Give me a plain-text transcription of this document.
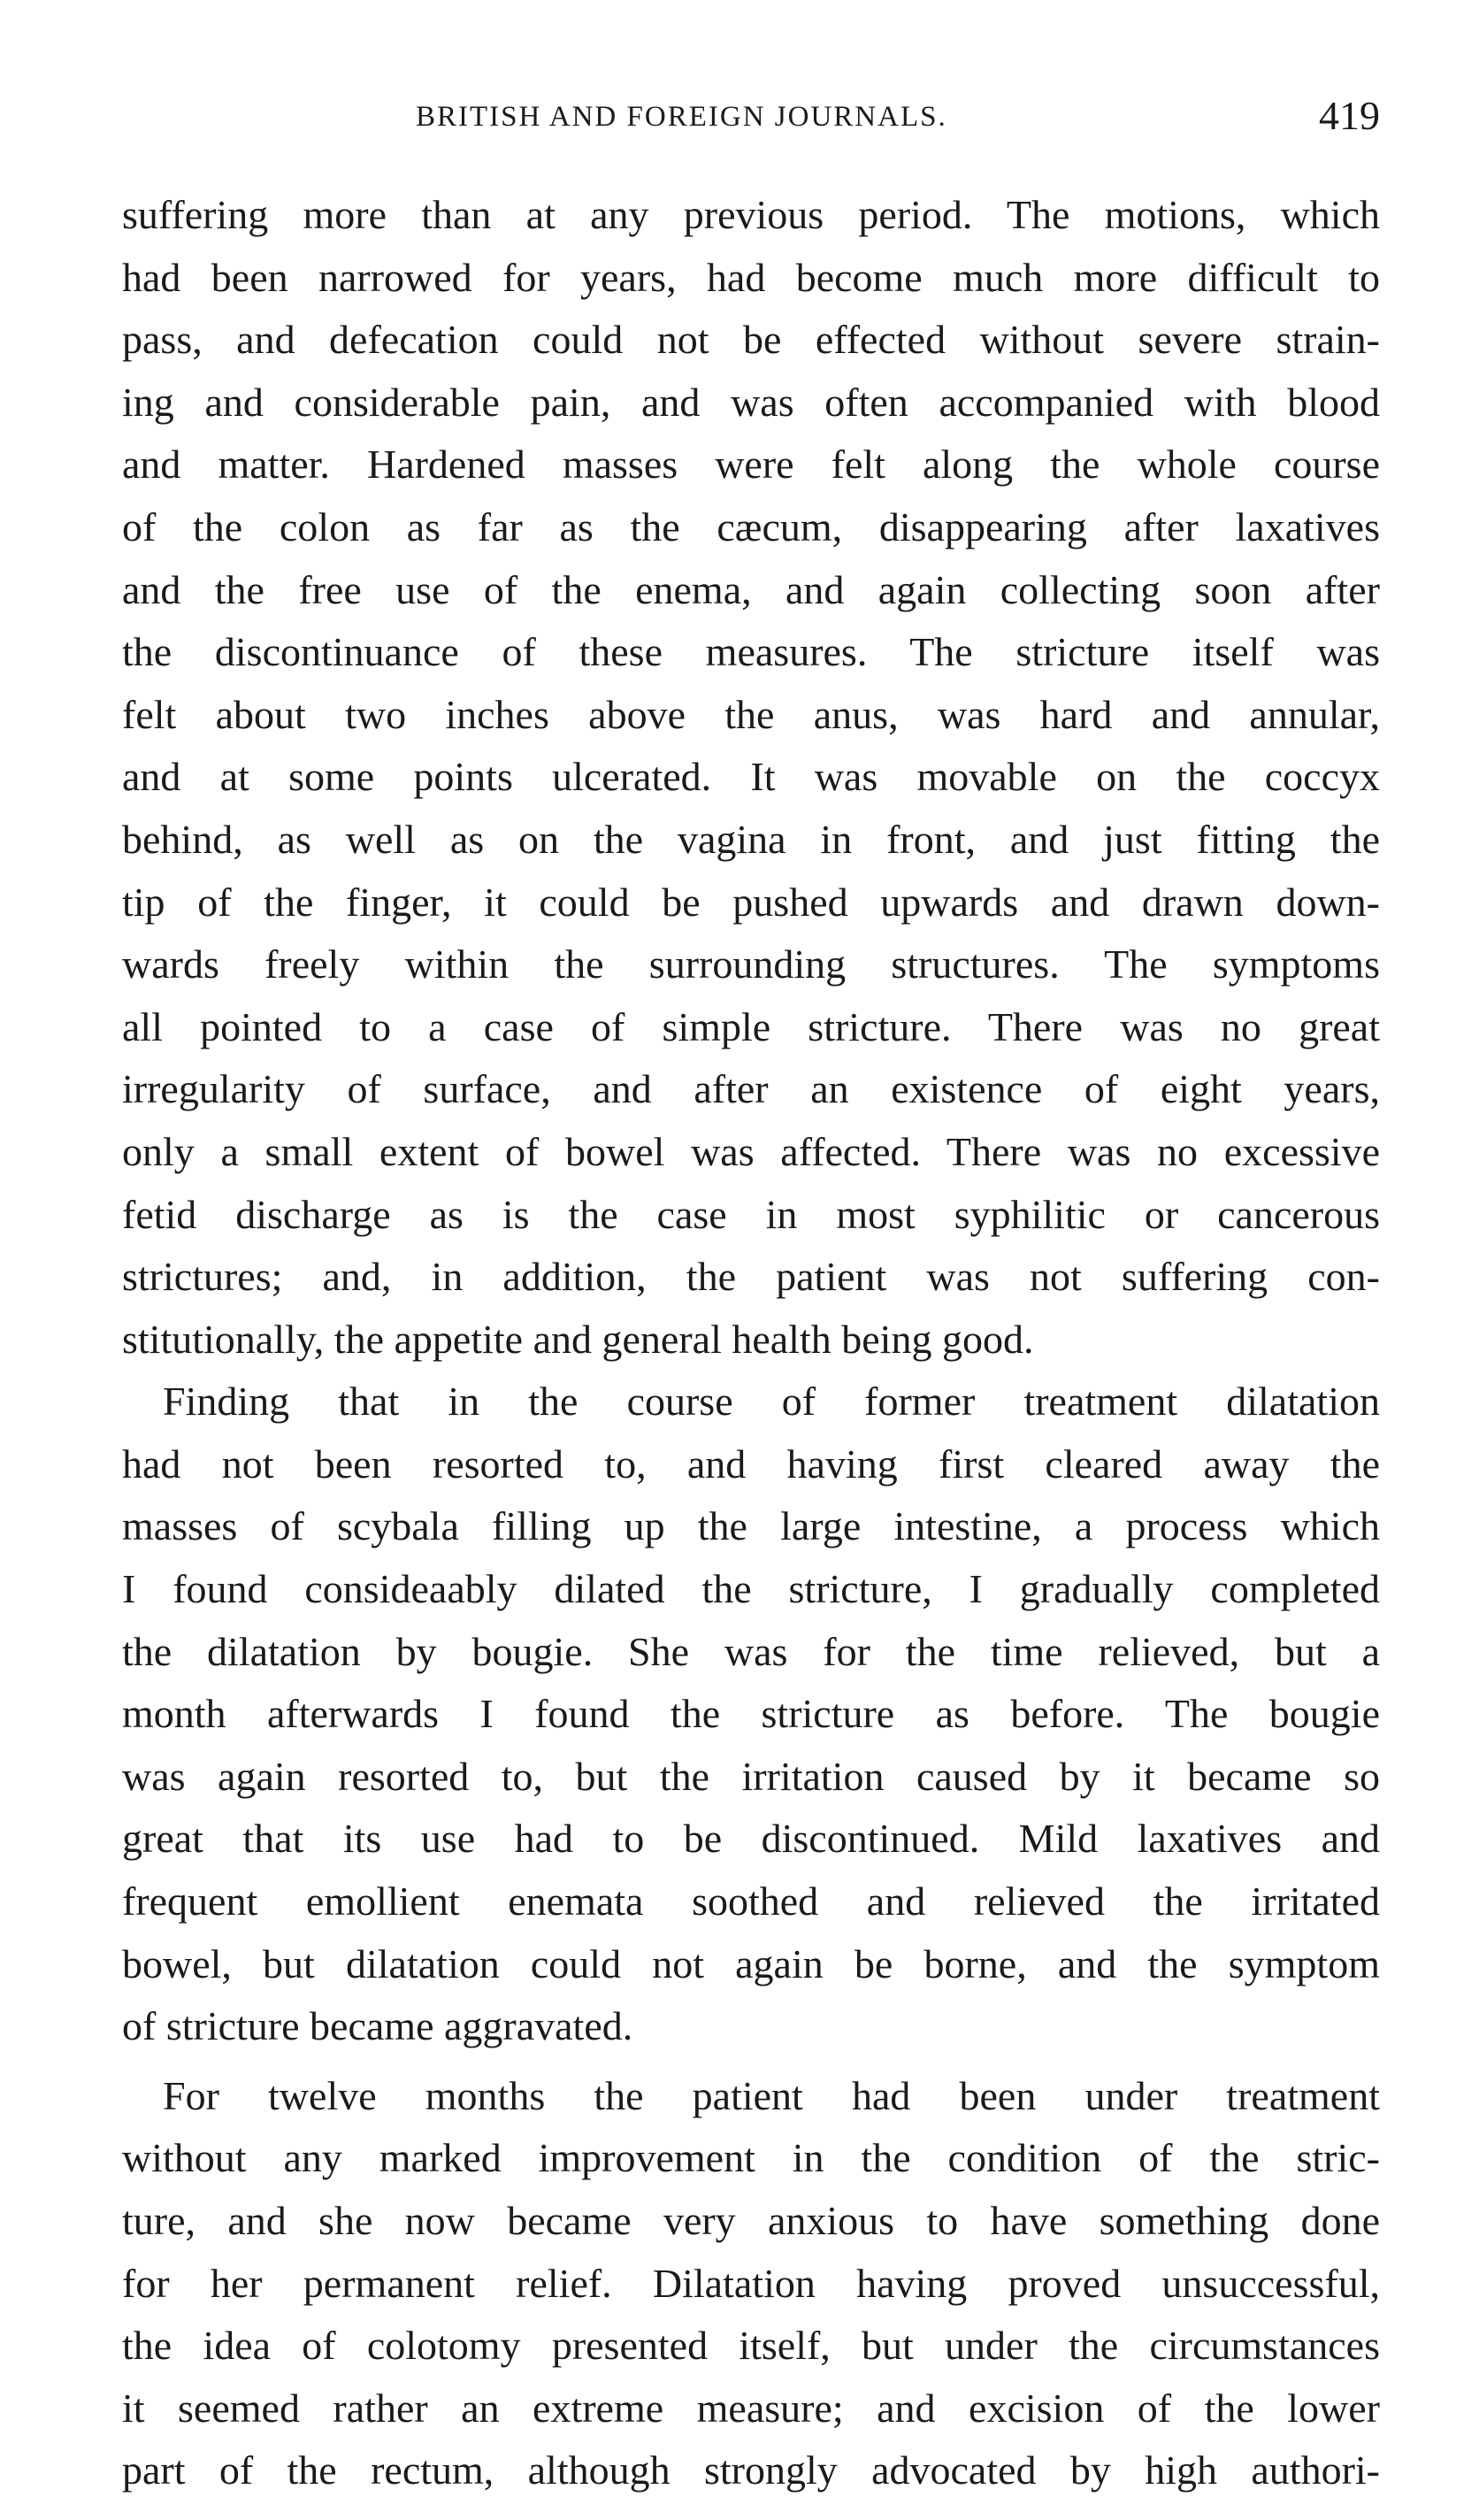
BRITISH AND FOREIGN JOURNALS.	419
suffering more than at any previous period. The motions, which
had been narrowed for years, had become much more difficult to
pass, and defecation could not be effected without severe strain-
ing and considerable pain, and was often accompanied with blood
and matter. Hardened masses were felt along the whole course
of the colon as far as the cæcum, disappearing after laxatives
and the free use of the enema, and again collecting soon after
the discontinuance of these measures. The stricture itself was
felt about two inches above the anus, was hard and annular,
and at some points ulcerated. It was movable on the coccyx
behind, as well as on the vagina in front, and just fitting the
tip of the finger, it could be pushed upwards and drawn down-
wards freely within the surrounding structures. The symptoms
all pointed to a case of simple stricture. There was no great
irregularity of surface, and after an existence of eight years,
only a small extent of bowel was affected. There was no excessive
fetid discharge as is the case in most syphilitic or cancerous
strictures; and, in addition, the patient was not suffering con-
stitutionally, the appetite and general health being good.
Finding that in the course of former treatment dilatation
had not been resorted to, and having first cleared away the
masses of scybala filling up the large intestine, a process which
I found consideaably dilated the stricture, I gradually completed
the dilatation by bougie. She was for the time relieved, but a
month afterwards I found the stricture as before. The bougie
was again resorted to, but the irritation caused by it became so
great that its use had to be discontinued. Mild laxatives and
frequent emollient enemata soothed and relieved the irritated
bowel, but dilatation could not again be borne, and the symptom
of stricture became aggravated.
For twelve months the patient had been under treatment
without any marked improvement in the condition of the stric-
ture, and she now became very anxious to have something done
for her permanent relief. Dilatation having proved unsuccessful,
the idea of colotomy presented itself, but under the circumstances
it seemed rather an extreme measure; and excision of the lower
part of the rectum, although strongly advocated by high authori-
